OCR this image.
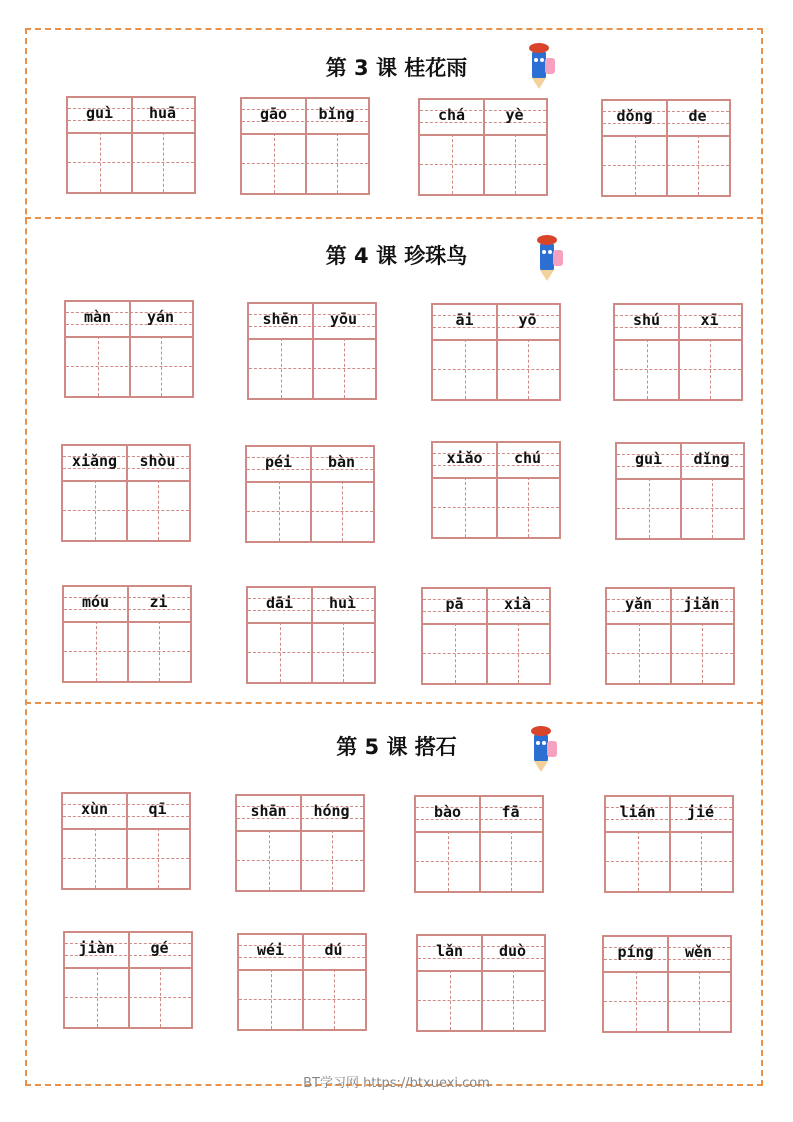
第 3 课 桂花雨
第 4 课 珍珠鸟
第 5 课 搭石
guì	huā	gāo	bǐng	chá	yè	dǒng	de
màn	yán	shēn	yōu	āi	yō	shú	xī
xiǎng	shòu	péi	bàn	xiǎo	chú	guì	dǐng
móu	zi	dāi	huì	pā	xià	yǎn	jiǎn
xùn	qī	shān	hóng	bào	fā	lián	jié
jiàn	gé	wéi	dú	lǎn	duò	píng	wěn
BT学习网 https://btxuexi.com
